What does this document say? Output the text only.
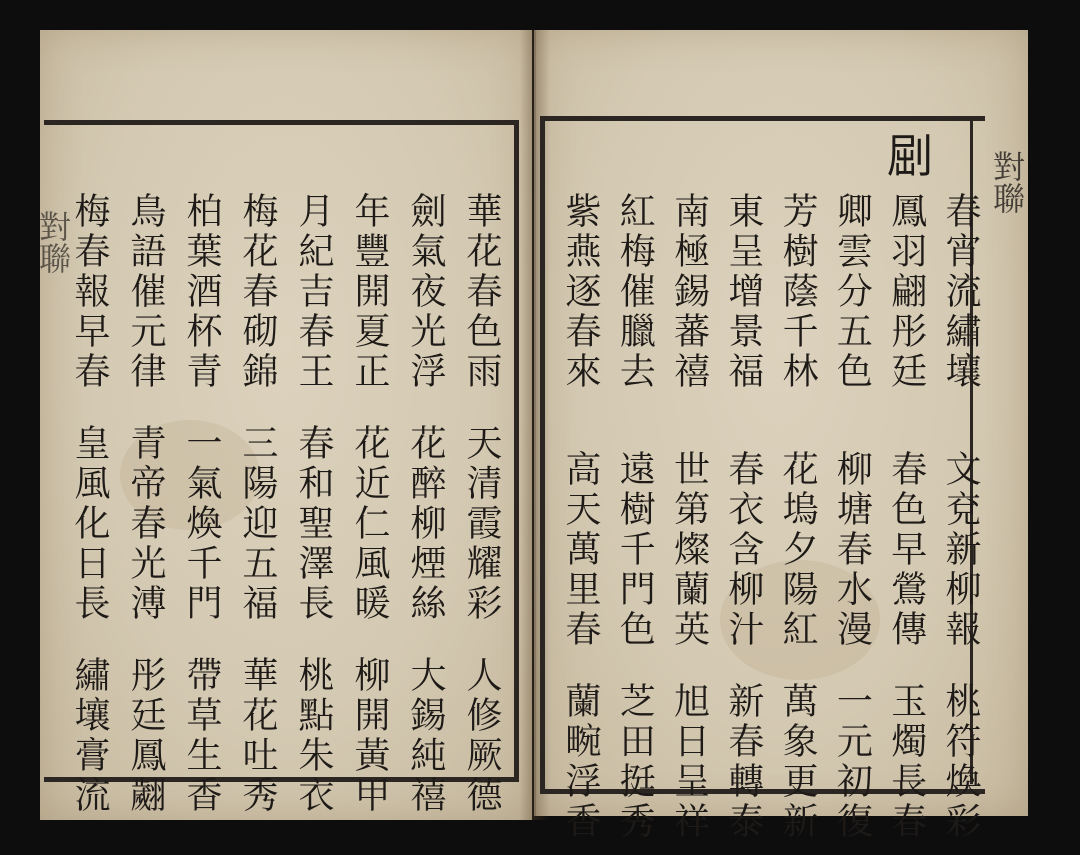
𠜾 對聯
對聯	春宵流繡壤
文兗新柳報
桃符煥彩
鳳羽翩彤廷
春色早鶯傳
玉燭長春
卿雲分五色
柳塘春水漫
一元初復
芳樹蔭千林
花塢夕陽紅
萬象更新
東呈增景福
春衣含柳汁
新春轉泰
南極錫蕃禧
世第燦蘭英
旭日呈祥
紅梅催臘去
遠樹千門色
芝田挺秀
紫燕逐春來
高天萬里春
蘭畹浮香
華花春色雨
天清霞耀彩
人修厥德
劍氣夜光浮
花醉柳煙絲
大錫純禧
年豐開夏正
花近仁風暖
柳開黃甲
月紀吉春王
春和聖澤長
桃點朱衣
梅花春砌錦
三陽迎五福
華花吐秀
柏葉酒杯青
一氣煥千門
帶草生香
鳥語催元律
青帝春光溥
彤廷鳳翽
梅春報早春
皇風化日長
繡壤膏流
